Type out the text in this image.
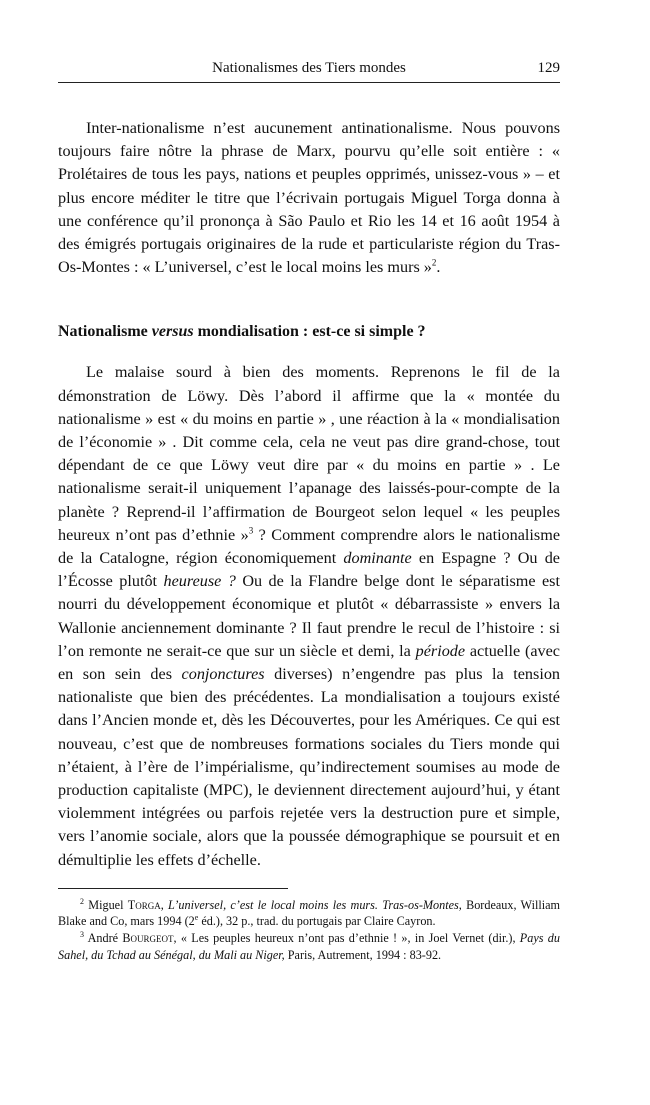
Nationalismes des Tiers mondes	129

Inter-nationalisme n’est aucunement antinationalisme. Nous pouvons toujours faire nôtre la phrase de Marx, pourvu qu’elle soit entière : « Prolétaires de tous les pays, nations et peuples opprimés, unissez-vous » – et plus encore méditer le titre que l’écrivain portugais Miguel Torga donna à une conférence qu’il prononça à São Paulo et Rio les 14 et 16 août 1954 à des émigrés portugais originaires de la rude et particulariste région du Tras-Os-Montes : « L’universel, c’est le local moins les murs »$^2$.

Nationalisme versus mondialisation : est-ce si simple ?

Le malaise sourd à bien des moments. Reprenons le fil de la démonstration de Löwy. Dès l’abord il affirme que la « montée du nationalisme » est « du moins en partie » , une réaction à la « mondialisation de l’économie » . Dit comme cela, cela ne veut pas dire grand-chose, tout dépendant de ce que Löwy veut dire par « du moins en partie » . Le nationalisme serait-il uniquement l’apanage des laissés-pour-compte de la planète ? Reprend-il l’affirmation de Bourgeot selon lequel « les peuples heureux n’ont pas d’ethnie »$^3$ ? Comment comprendre alors le nationalisme de la Catalogne, région économiquement dominante en Espagne ? Ou de l’Écosse plutôt heureuse ? Ou de la Flandre belge dont le séparatisme est nourri du développement économique et plutôt « débarrassiste » envers la Wallonie anciennement dominante ? Il faut prendre le recul de l’histoire : si l’on remonte ne serait-ce que sur un siècle et demi, la période actuelle (avec en son sein des conjonctures diverses) n’engendre pas plus la tension nationaliste que bien des précédentes. La mondialisation a toujours existé dans l’Ancien monde et, dès les Découvertes, pour les Amériques. Ce qui est nouveau, c’est que de nombreuses formations sociales du Tiers monde qui n’étaient, à l’ère de l’impérialisme, qu’indirectement soumises au mode de production capitaliste (MPC), le deviennent directement aujourd’hui, y étant violemment intégrées ou parfois rejetée vers la destruction pure et simple, vers l’anomie sociale, alors que la poussée démographique se poursuit et en démultiplie les effets d’échelle.

$^2$ Miguel Torga, L’universel, c’est le local moins les murs. Tras-os-Montes, Bordeaux, William Blake and Co, mars 1994 (2e éd.), 32 p., trad. du portugais par Claire Cayron.

$^3$ André Bourgeot, « Les peuples heureux n’ont pas d’ethnie ! », in Joel Vernet (dir.), Pays du Sahel, du Tchad au Sénégal, du Mali au Niger, Paris, Autrement, 1994 : 83-92.
